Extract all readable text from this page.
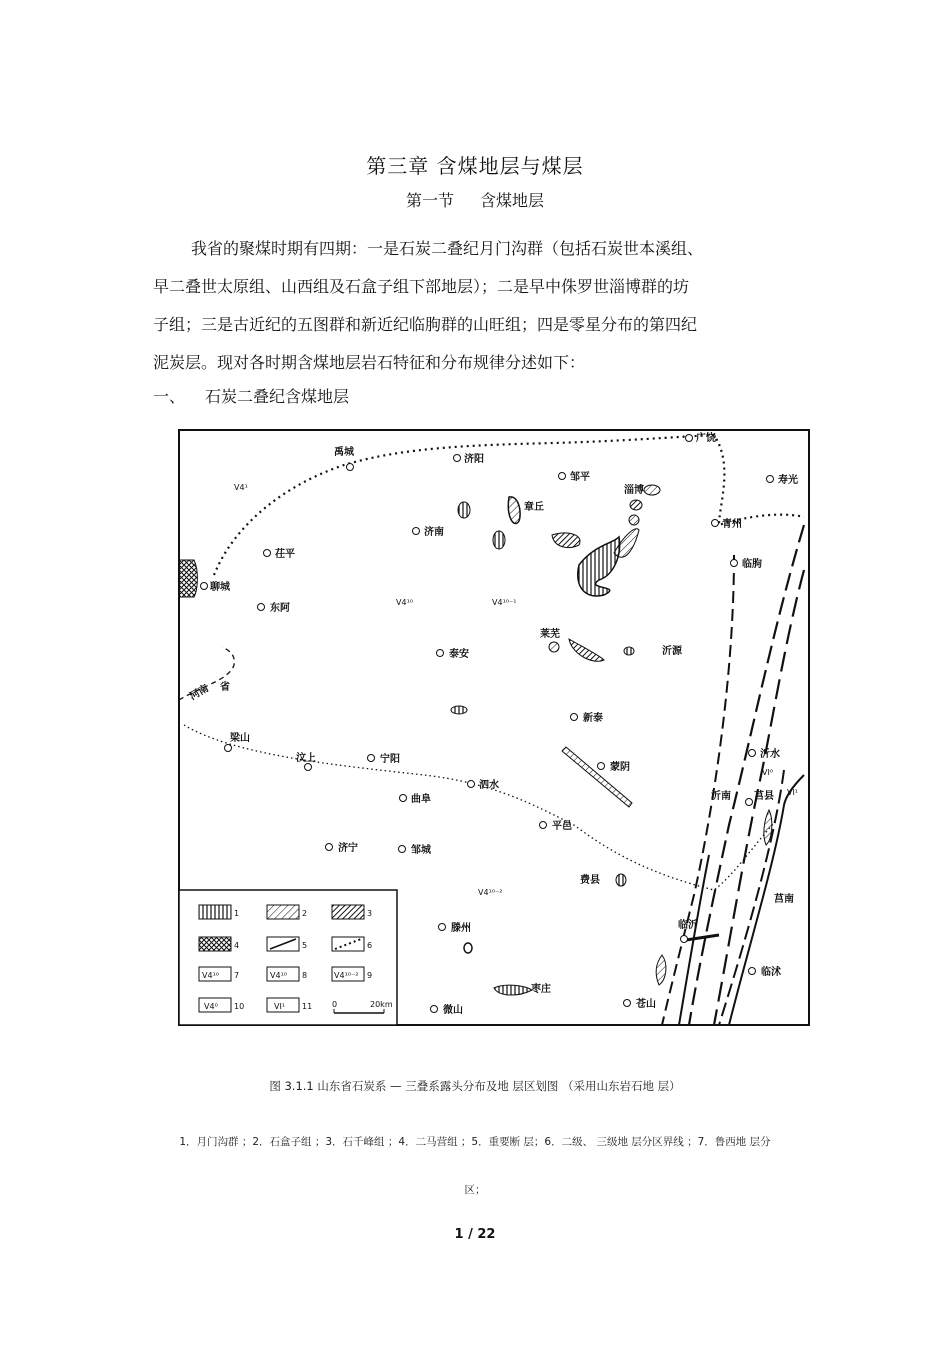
第三章 含煤地层与煤层
第一节 含煤地层
我省的聚煤时期有四期：一是石炭二叠纪月门沟群（包括石炭世本溪组、
早二叠世太原组、山西组及石盒子组下部地层）；二是早中侏罗世淄博群的坊
子组；三是古近纪的五图群和新近纪临朐群的山旺组；四是零星分布的第四纪
泥炭层。现对各时期含煤地层岩石特征和分布规律分述如下：
一、 石炭二叠纪含煤地层
广饶
禹城
济阳
邹平	寿光
淄博
章丘
青州
济南
茌平
临朐
聊城
东阿
莱芜
泰安	沂源
河南 省
新泰
梁山
汶上	宁阳	沂水
泗水
蒙阴
曲阜	沂南 莒县
平邑
济宁	邹城
费县
莒南
滕州	临沂
临沭
枣庄
微山
苍山
V4¹
V4¹⁰	V4¹⁰⁻¹
V4¹⁰⁻²
VI⁰
VI¹
1	2	3
4	5	6
V4¹⁰ 7	V4¹⁰ 8	V4¹⁰⁻² 9
V4⁰ 10	VI¹ 11 0	20km
图 3.1.1 山东省石炭系 — 三叠系露头分布及地 层区划图 （采用山东岩石地 层）
1．月门沟群 ；2．石盒子组 ；3．石千峰组 ；4．二马营组 ；5．重要断 层；6．二级、 三级地 层分区界线 ；7．鲁西地 层分
区；
1 / 22
